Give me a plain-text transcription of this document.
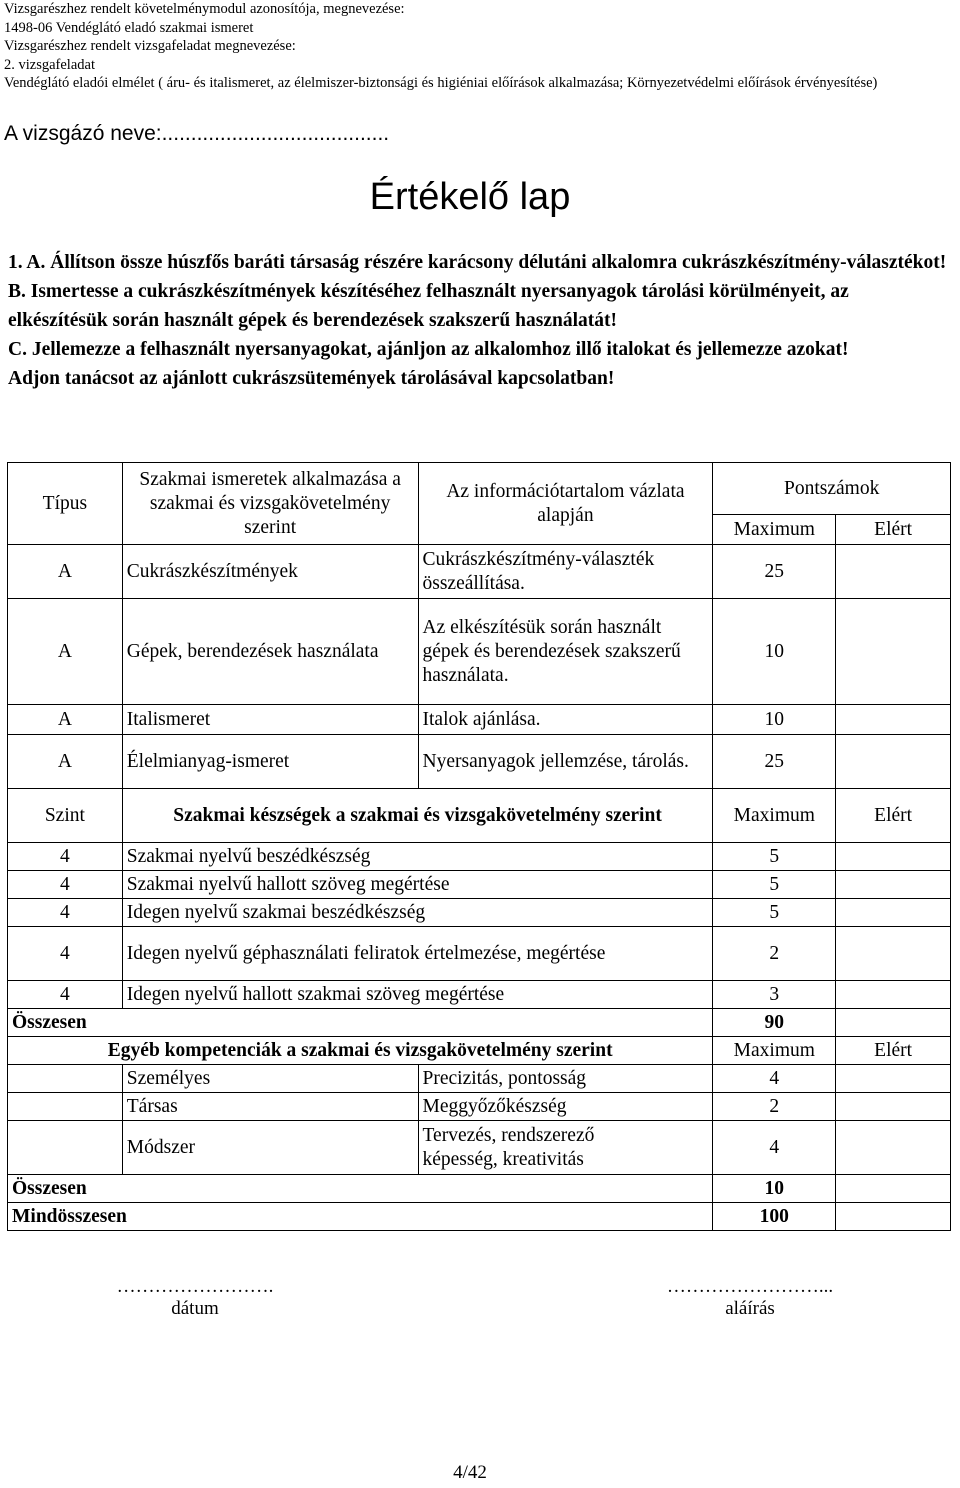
Vizsgarészhez rendelt követelménymodul azonosítója, megnevezése:
1498-06 Vendéglátó eladó szakmai ismeret
Vizsgarészhez rendelt vizsgafeladat megnevezése:
2. vizsgafeladat
Vendéglátó eladói elmélet ( áru- és italismeret, az élelmiszer-biztonsági és higiéniai előírások alkalmazása; Környezetvédelmi előírások érvényesítése)
A vizsgázó neve:.......................................
Értékelő lap
1. A. Állítson össze húszfős baráti társaság részére karácsony délutáni alkalomra cukrászkészítmény-választékot!
B. Ismertesse a cukrászkészítmények készítéséhez felhasznált nyersanyagok tárolási körülményeit, az elkészítésük során használt gépek és berendezések szakszerű használatát!
C. Jellemezze a felhasznált nyersanyagokat, ajánljon az alkalomhoz illő italokat és jellemezze azokat!
Adjon tanácsot az ajánlott cukrászsütemények tárolásával kapcsolatban!
Típus	Szakmai ismeretek alkalmazása a szakmai és vizsgakövetelmény szerint	Az információtartalom vázlata alapján	Pontszámok	
			Maximum	Elért
A	Cukrászkészítmények	Cukrászkészítmény-választék összeállítása.	25	
A	Gépek, berendezések használata	Az elkészítésük során használt gépek és berendezések szakszerű használata.	10	
A	Italismeret	Italok ajánlása.	10	
A	Élelmianyag-ismeret	Nyersanyagok jellemzése, tárolás.	25	
Szint	Szakmai készségek a szakmai és vizsgakövetelmény szerint		Maximum	Elért
4	Szakmai nyelvű beszédkészség		5	
4	Szakmai nyelvű hallott szöveg megértése		5	
4	Idegen nyelvű szakmai beszédkészség		5	
4	Idegen nyelvű géphasználati feliratok értelmezése, megértése		2	
4	Idegen nyelvű hallott szakmai szöveg megértése		3	
Összesen			90	
Egyéb kompetenciák a szakmai és vizsgakövetelmény szerint			Maximum	Elért
	Személyes	Precizitás, pontosság	4	
	Társas	Meggyőzőkészség	2	
	Módszer	Tervezés, rendszerező képesség, kreativitás	4	
Összesen			10	
Mindösszesen			100	
…………………….
dátum
……………………...
aláírás
4/42
